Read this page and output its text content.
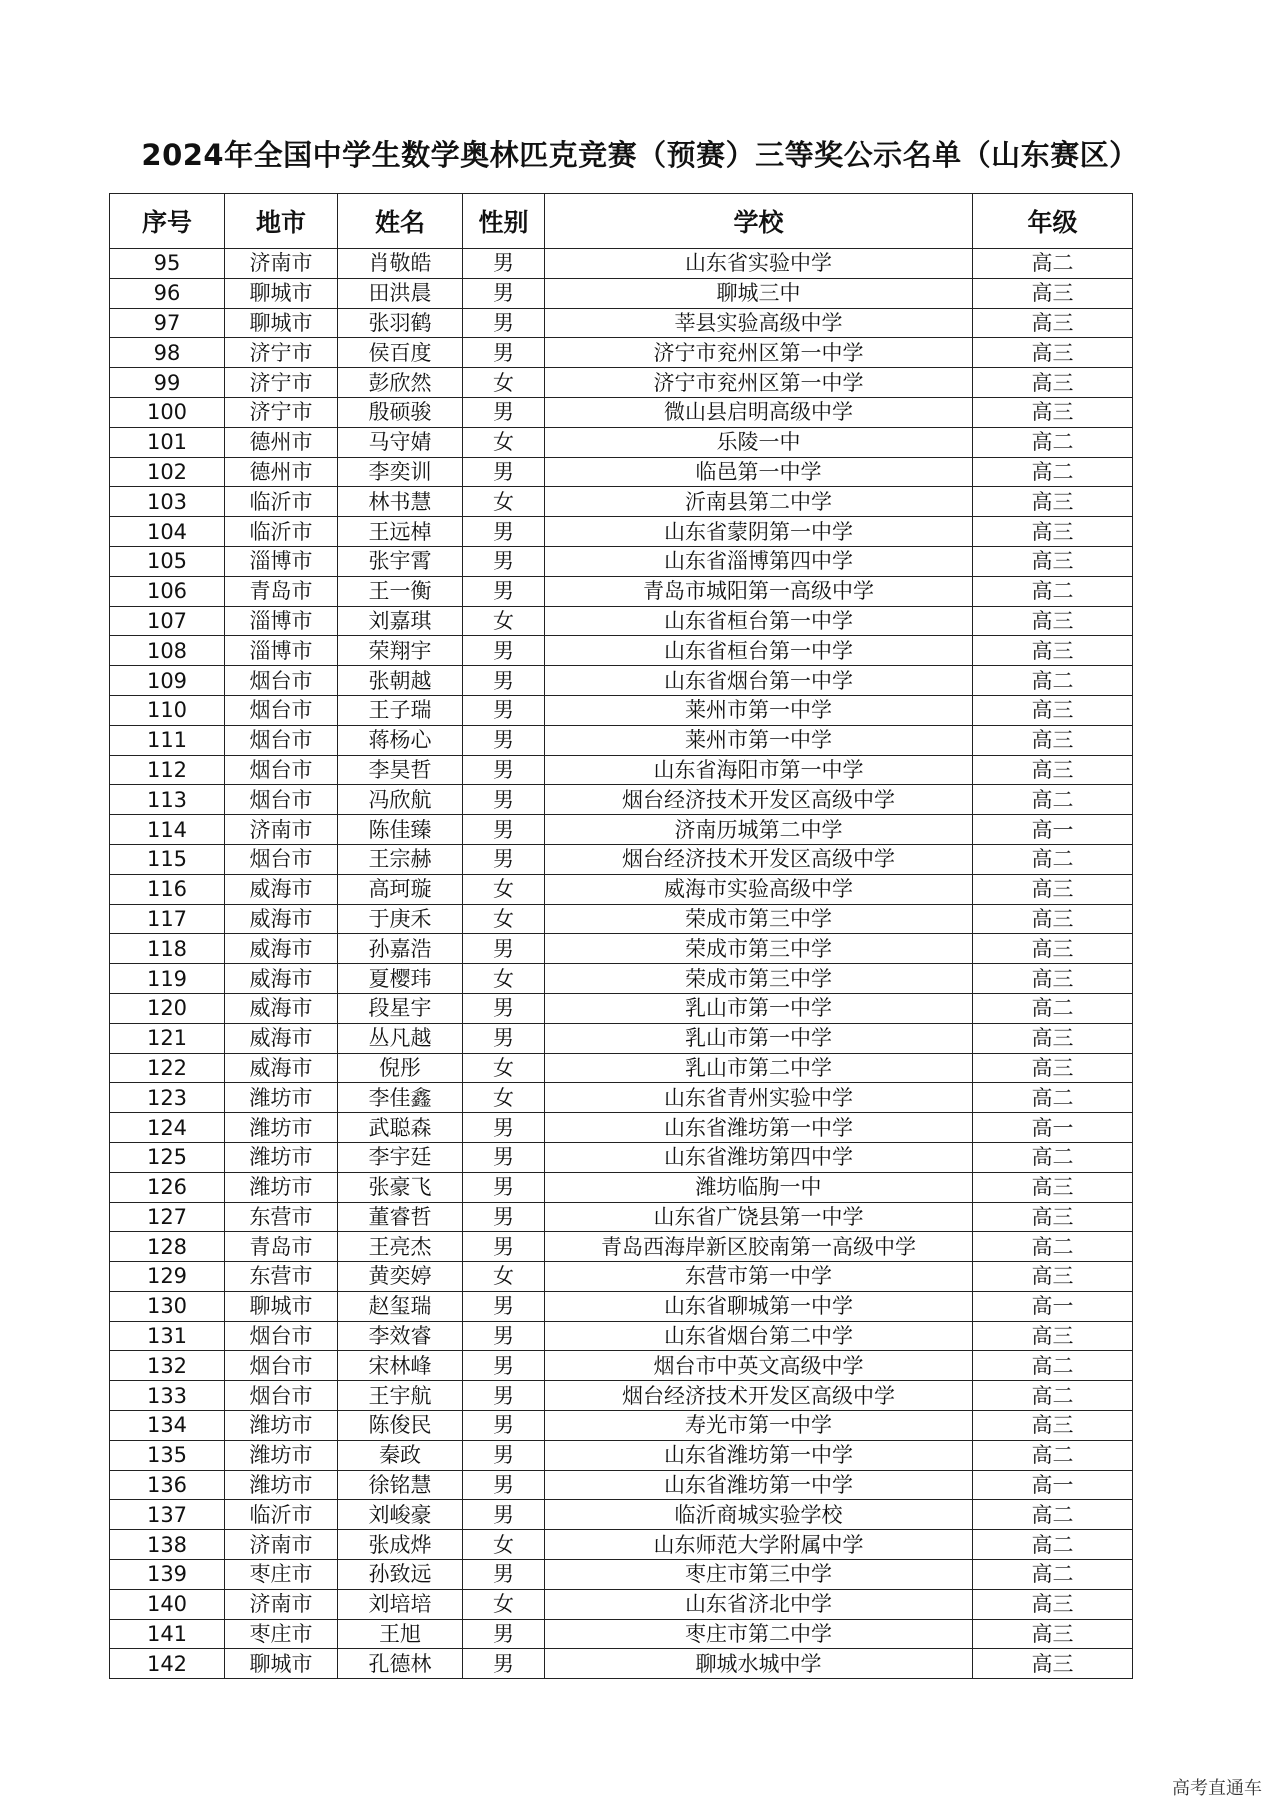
2024年全国中学生数学奥林匹克竞赛（预赛）三等奖公示名单（山东赛区）
序号	地市	姓名	性别	学校	年级
95	济南市	肖敬皓	男	山东省实验中学	高二
96	聊城市	田洪晨	男	聊城三中	高三
97	聊城市	张羽鹤	男	莘县实验高级中学	高三
98	济宁市	侯百度	男	济宁市兖州区第一中学	高三
99	济宁市	彭欣然	女	济宁市兖州区第一中学	高三
100	济宁市	殷硕骏	男	微山县启明高级中学	高三
101	德州市	马守婧	女	乐陵一中	高二
102	德州市	李奕训	男	临邑第一中学	高二
103	临沂市	林书慧	女	沂南县第二中学	高三
104	临沂市	王远棹	男	山东省蒙阴第一中学	高三
105	淄博市	张宇霄	男	山东省淄博第四中学	高三
106	青岛市	王一衡	男	青岛市城阳第一高级中学	高二
107	淄博市	刘嘉琪	女	山东省桓台第一中学	高三
108	淄博市	荣翔宇	男	山东省桓台第一中学	高三
109	烟台市	张朝越	男	山东省烟台第一中学	高二
110	烟台市	王子瑞	男	莱州市第一中学	高三
111	烟台市	蒋杨心	男	莱州市第一中学	高三
112	烟台市	李昊哲	男	山东省海阳市第一中学	高三
113	烟台市	冯欣航	男	烟台经济技术开发区高级中学	高二
114	济南市	陈佳臻	男	济南历城第二中学	高一
115	烟台市	王宗赫	男	烟台经济技术开发区高级中学	高二
116	威海市	高珂璇	女	威海市实验高级中学	高三
117	威海市	于庚禾	女	荣成市第三中学	高三
118	威海市	孙嘉浩	男	荣成市第三中学	高三
119	威海市	夏樱玮	女	荣成市第三中学	高三
120	威海市	段星宇	男	乳山市第一中学	高二
121	威海市	丛凡越	男	乳山市第一中学	高三
122	威海市	倪彤	女	乳山市第二中学	高三
123	潍坊市	李佳鑫	女	山东省青州实验中学	高二
124	潍坊市	武聪森	男	山东省潍坊第一中学	高一
125	潍坊市	李宇廷	男	山东省潍坊第四中学	高二
126	潍坊市	张豪飞	男	潍坊临朐一中	高三
127	东营市	董睿哲	男	山东省广饶县第一中学	高三
128	青岛市	王亮杰	男	青岛西海岸新区胶南第一高级中学	高二
129	东营市	黄奕婷	女	东营市第一中学	高三
130	聊城市	赵玺瑞	男	山东省聊城第一中学	高一
131	烟台市	李效睿	男	山东省烟台第二中学	高三
132	烟台市	宋林峰	男	烟台市中英文高级中学	高二
133	烟台市	王宇航	男	烟台经济技术开发区高级中学	高二
134	潍坊市	陈俊民	男	寿光市第一中学	高三
135	潍坊市	秦政	男	山东省潍坊第一中学	高二
136	潍坊市	徐铭慧	男	山东省潍坊第一中学	高一
137	临沂市	刘峻豪	男	临沂商城实验学校	高二
138	济南市	张成烨	女	山东师范大学附属中学	高二
139	枣庄市	孙致远	男	枣庄市第三中学	高二
140	济南市	刘培培	女	山东省济北中学	高三
141	枣庄市	王旭	男	枣庄市第二中学	高三
142	聊城市	孔德林	男	聊城水城中学	高三
高考直通车
